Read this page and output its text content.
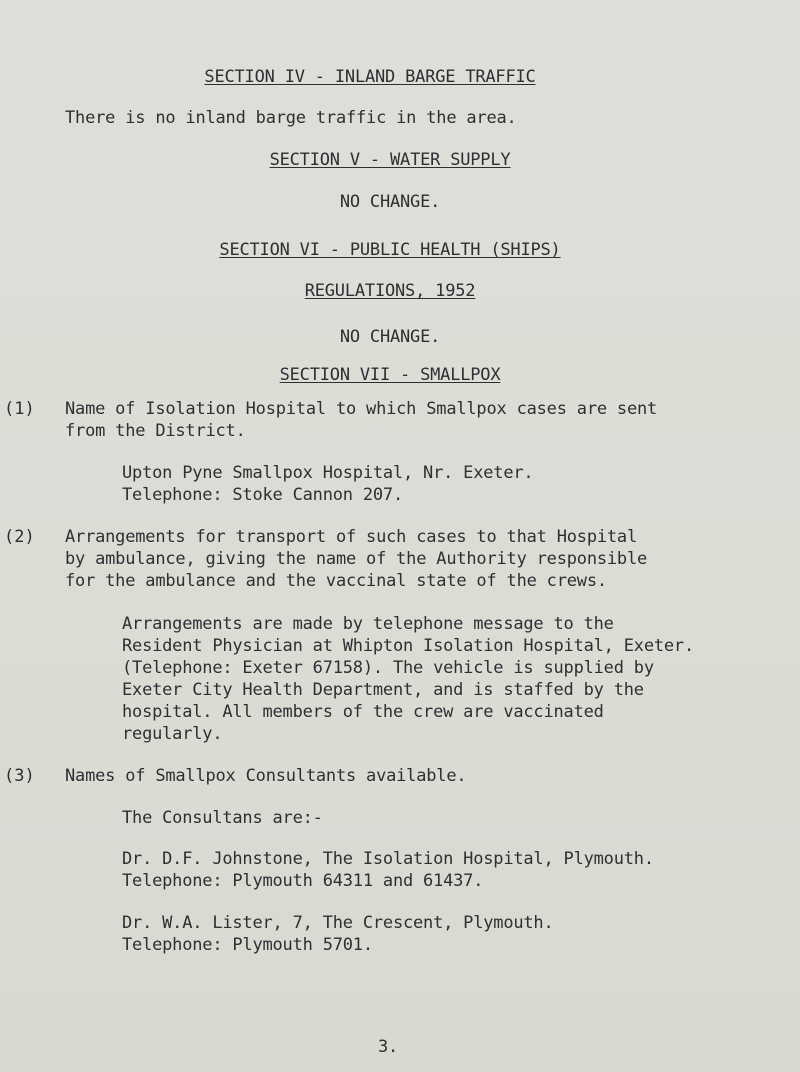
SECTION IV - INLAND BARGE TRAFFIC
There is no inland barge traffic in the area.
SECTION V - WATER SUPPLY
NO CHANGE.
SECTION VI - PUBLIC HEALTH (SHIPS)
REGULATIONS, 1952
NO CHANGE.
SECTION VII - SMALLPOX
(1) Name of Isolation Hospital to which Smallpox cases are sent
from the District.
Upton Pyne Smallpox Hospital, Nr. Exeter.
Telephone: Stoke Cannon 207.
(2) Arrangements for transport of such cases to that Hospital
by ambulance, giving the name of the Authority responsible
for the ambulance and the vaccinal state of the crews.
Arrangements are made by telephone message to the
Resident Physician at Whipton Isolation Hospital, Exeter.
(Telephone: Exeter 67158). The vehicle is supplied by
Exeter City Health Department, and is staffed by the
hospital. All members of the crew are vaccinated
regularly.
(3) Names of Smallpox Consultants available.
The Consultans are:-
Dr. D.F. Johnstone, The Isolation Hospital, Plymouth.
Telephone: Plymouth 64311 and 61437.
Dr. W.A. Lister, 7, The Crescent, Plymouth.
Telephone: Plymouth 5701.
3.
